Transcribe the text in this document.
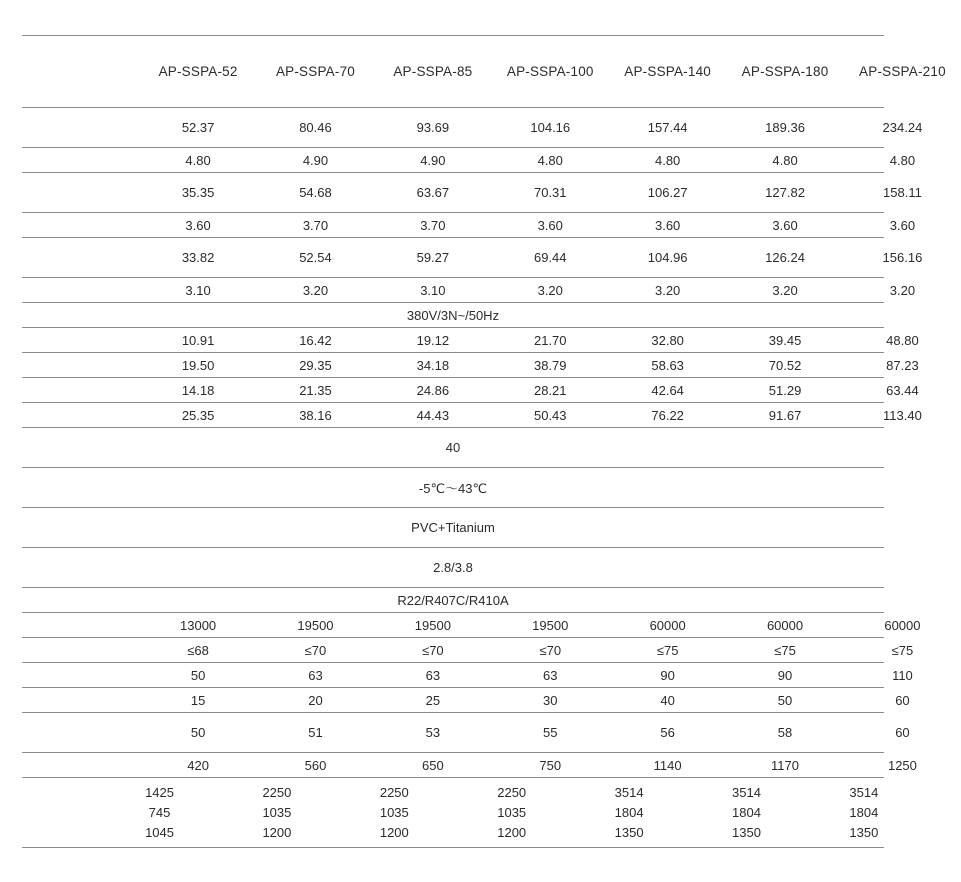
AP-SSPA-52	AP-SSPA-70	AP-SSPA-85	AP-SSPA-100	AP-SSPA-140	AP-SSPA-180	AP-SSPA-210
52.37	80.46	93.69	104.16	157.44	189.36	234.24
4.80	4.90	4.90	4.80	4.80	4.80	4.80
35.35	54.68	63.67	70.31	106.27	127.82	158.11
3.60	3.70	3.70	3.60	3.60	3.60	3.60
33.82	52.54	59.27	69.44	104.96	126.24	156.16
3.10	3.20	3.10	3.20	3.20	3.20	3.20
380V/3N~/50Hz
10.91	16.42	19.12	21.70	32.80	39.45	48.80
19.50	29.35	34.18	38.79	58.63	70.52	87.23
14.18	21.35	24.86	28.21	42.64	51.29	63.44
25.35	38.16	44.43	50.43	76.22	91.67	113.40
40
-5℃～43℃
PVC+Titanium
2.8/3.8
R22/R407C/R410A
13000	19500	19500	19500	60000	60000	60000
≤68	≤70	≤70	≤70	≤75	≤75	≤75
50	63	63	63	90	90	110
15	20	25	30	40	50	60
50	51	53	55	56	58	60
420	560	650	750	1140	1170	1250
1425	2250	2250	2250	3514	3514	3514
745	1035	1035	1035	1804	1804	1804
1045	1200	1200	1200	1350	1350	1350
